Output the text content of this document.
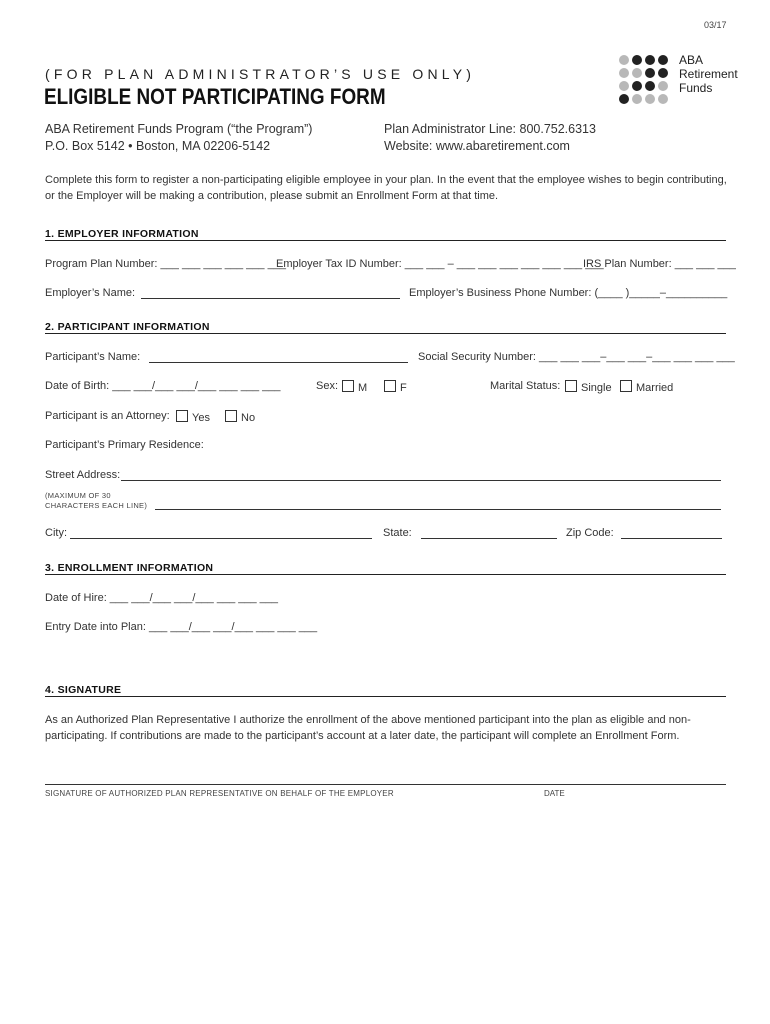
03/17
(FOR PLAN ADMINISTRATOR’S USE ONLY)
ELIGIBLE NOT PARTICIPATING FORM
ABA
Retirement
Funds
ABA Retirement Funds Program (“the Program”)
P.O. Box 5142 • Boston, MA 02206-5142
Plan Administrator Line: 800.752.6313
Website: www.abaretirement.com
Complete this form to register a non-participating eligible employee in your plan. In the event that the employee wishes to begin contributing, or the Employer will be making a contribution, please submit an Enrollment Form at that time.
1. EMPLOYER INFORMATION
Program Plan Number: ___ ___ ___ ___ ___ ___
Employer Tax ID Number: ___ ___ – ___ ___ ___ ___ ___ ___ ___
IRS Plan Number: ___ ___ ___
Employer’s Name:	Employer’s Business Phone Number: (____ )_____–__________
2. PARTICIPANT INFORMATION
Participant’s Name:	Social Security Number: ___ ___ ___–___ ___–___ ___ ___ ___
Date of Birth: ___ ___/___ ___/___ ___ ___ ___	Sex:	M	F	Marital Status:	Single	Married
Participant is an Attorney:	Yes	No
Participant’s Primary Residence:
Street Address:
(MAXIMUM OF 30 CHARACTERS EACH LINE)
City:	State:	Zip Code:
3. ENROLLMENT INFORMATION
Date of Hire: ___ ___/___ ___/___ ___ ___ ___
Entry Date into Plan: ___ ___/___ ___/___ ___ ___ ___
4. SIGNATURE
As an Authorized Plan Representative I authorize the enrollment of the above mentioned participant into the plan as eligible and non-participating. If contributions are made to the participant’s account at a later date, the participant will complete an Enrollment Form.
SIGNATURE OF AUTHORIZED PLAN REPRESENTATIVE ON BEHALF OF THE EMPLOYER	DATE
